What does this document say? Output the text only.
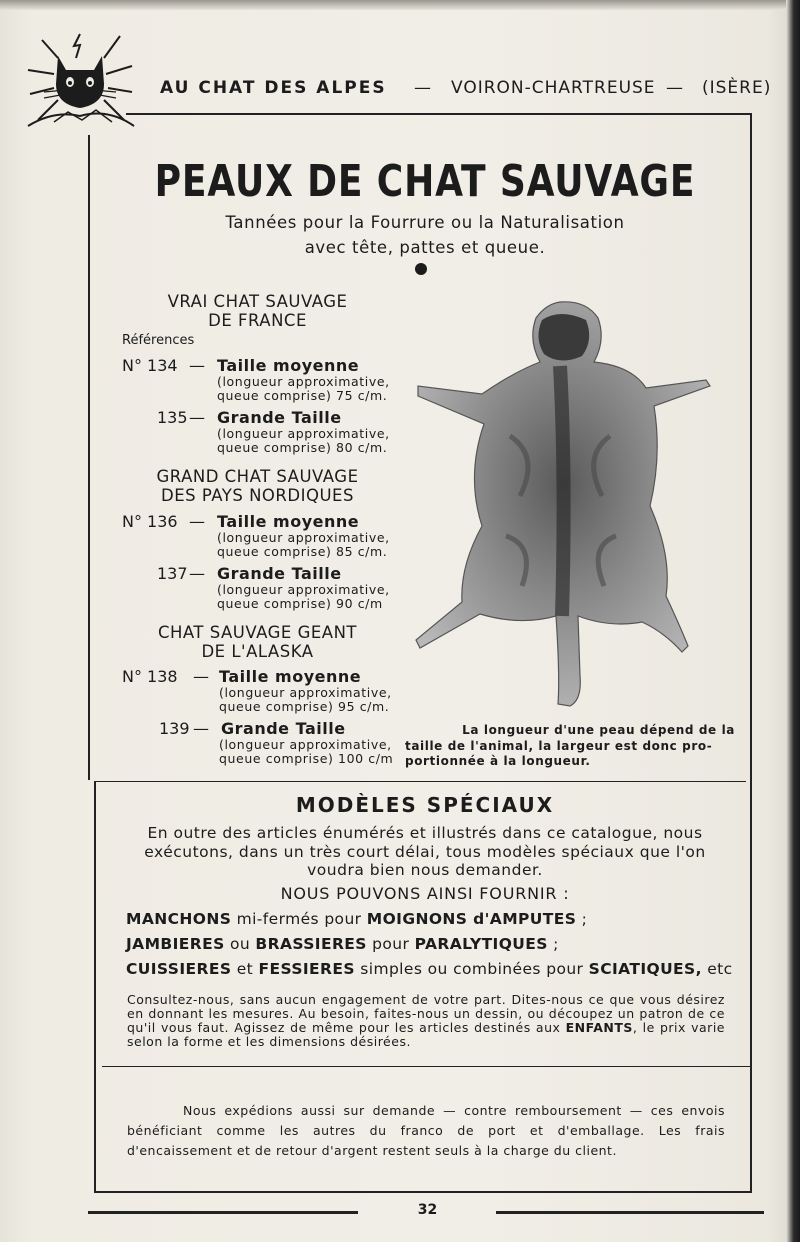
AU CHAT DES ALPES — VOIRON-CHARTREUSE — (ISÈRE)
PEAUX DE CHAT SAUVAGE
Tannées pour la Fourrure ou la Naturalisation
avec tête, pattes et queue.
VRAI CHAT SAUVAGE
DE FRANCE
Références
N° 134 — Taille moyenne
(longueur approximative,
queue comprise) 75 c/m.
135 — Grande Taille
(longueur approximative,
queue comprise) 80 c/m.
GRAND CHAT SAUVAGE
DES PAYS NORDIQUES
N° 136 — Taille moyenne
(longueur approximative,
queue comprise) 85 c/m.
137 — Grande Taille
(longueur approximative,
queue comprise) 90 c/m
CHAT SAUVAGE GEANT
DE L'ALASKA
N° 138 — Taille moyenne
(longueur approximative,
queue comprise) 95 c/m.
139 — Grande Taille
(longueur approximative,
queue comprise) 100 c/m
La longueur d'une peau dépend de la
taille de l'animal, la largeur est donc pro-
portionnée à la longueur.
MODÈLES SPÉCIAUX
En outre des articles énumérés et illustrés dans ce catalogue, nous exécutons, dans un très court délai, tous modèles spéciaux que l'on voudra bien nous demander.
NOUS POUVONS AINSI FOURNIR :
MANCHONS mi-fermés pour MOIGNONS d'AMPUTES ;
JAMBIERES ou BRASSIERES pour PARALYTIQUES ;
CUISSIERES et FESSIERES simples ou combinées pour SCIATIQUES, etc
Consultez-nous, sans aucun engagement de votre part. Dites-nous ce que vous désirez en donnant les mesures. Au besoin, faites-nous un dessin, ou découpez un patron de ce qu'il vous faut. Agissez de même pour les articles destinés aux ENFANTS, le prix varie selon la forme et les dimensions désirées.
Nous expédions aussi sur demande — contre remboursement — ces envois bénéficiant comme les autres du franco de port et d'emballage. Les frais d'encaissement et de retour d'argent restent seuls à la charge du client.
32
